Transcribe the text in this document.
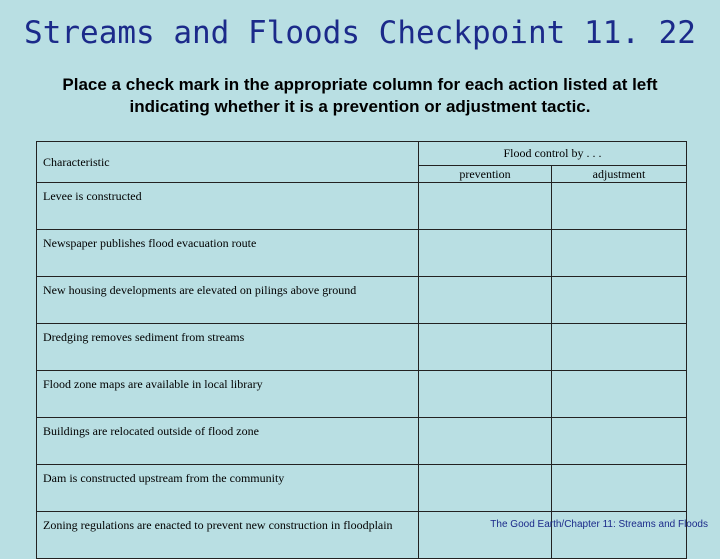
Streams and Floods Checkpoint 11. 22
Place a check mark in the appropriate column for each action listed at left indicating whether it is a prevention or adjustment tactic.
Characteristic	Flood control by . . .	
	prevention	adjustment
Levee is constructed		
Newspaper publishes flood evacuation route		
New housing developments are elevated on pilings above ground		
Dredging removes sediment from streams		
Flood zone maps are available in local library		
Buildings are relocated outside of flood zone		
Dam is constructed upstream from the community		
Zoning regulations are enacted to prevent new construction in floodplain			The Good Earth/Chapter 11: Streams and Floods
